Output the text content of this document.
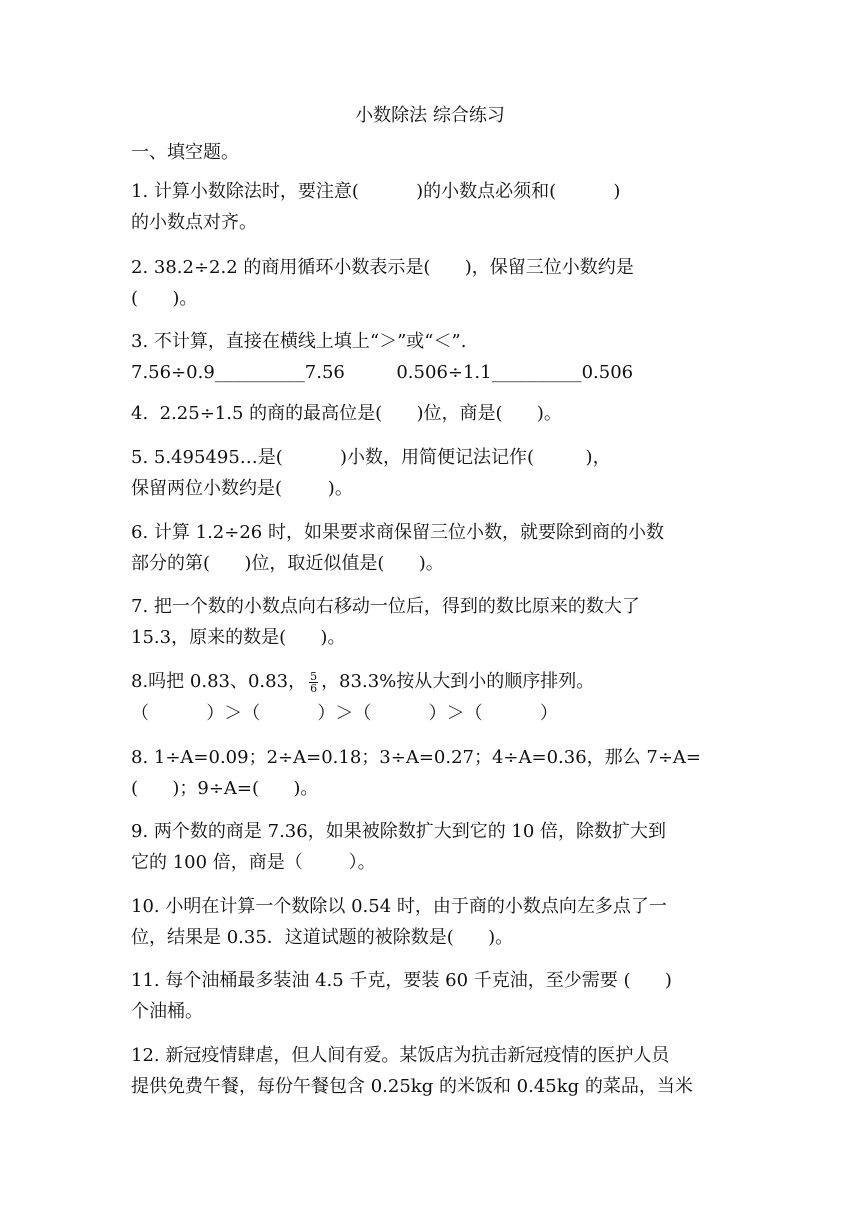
小数除法 综合练习
一、填空题。
1. 计算小数除法时，要注意(          )的小数点必须和(          )
的小数点对齐。
2. 38.2÷2.2 的商用循环小数表示是(      )，保留三位小数约是
(      )。
3. 不计算，直接在横线上填上“＞”或“＜”.
7.56÷0.9__________7.56         0.506÷1.1__________0.506
4.  2.25÷1.5 的商的最高位是(      )位，商是(      )。
5. 5.495495…是(          )小数，用简便记法记作(         )，
保留两位小数约是(        )。
6. 计算 1.2÷26 时，如果要求商保留三位小数，就要除到商的小数
部分的第(      )位，取近似值是(      )。
7. 把一个数的小数点向右移动一位后，得到的数比原来的数大了
15.3，原来的数是(      )。
8.吗把 0.83、0.83， $\frac{5}{6}$ ，83.3%按从大到小的顺序排列。
（          ）＞（          ）＞（          ）＞（          ）
8. 1÷A=0.09；2÷A=0.18；3÷A=0.27；4÷A=0.36，那么 7÷A=
(      )；9÷A=(      )。
9. 两个数的商是 7.36，如果被除数扩大到它的 10 倍，除数扩大到
它的 100 倍，商是（        ）。
10. 小明在计算一个数除以 0.54 时，由于商的小数点向左多点了一
位，结果是 0.35．这道试题的被除数是(      )。
11. 每个油桶最多装油 4.5 千克，要装 60 千克油，至少需要 (      )
个油桶。
12. 新冠疫情肆虐，但人间有爱。某饭店为抗击新冠疫情的医护人员
提供免费午餐，每份午餐包含 0.25kg 的米饭和 0.45kg 的菜品，当米
